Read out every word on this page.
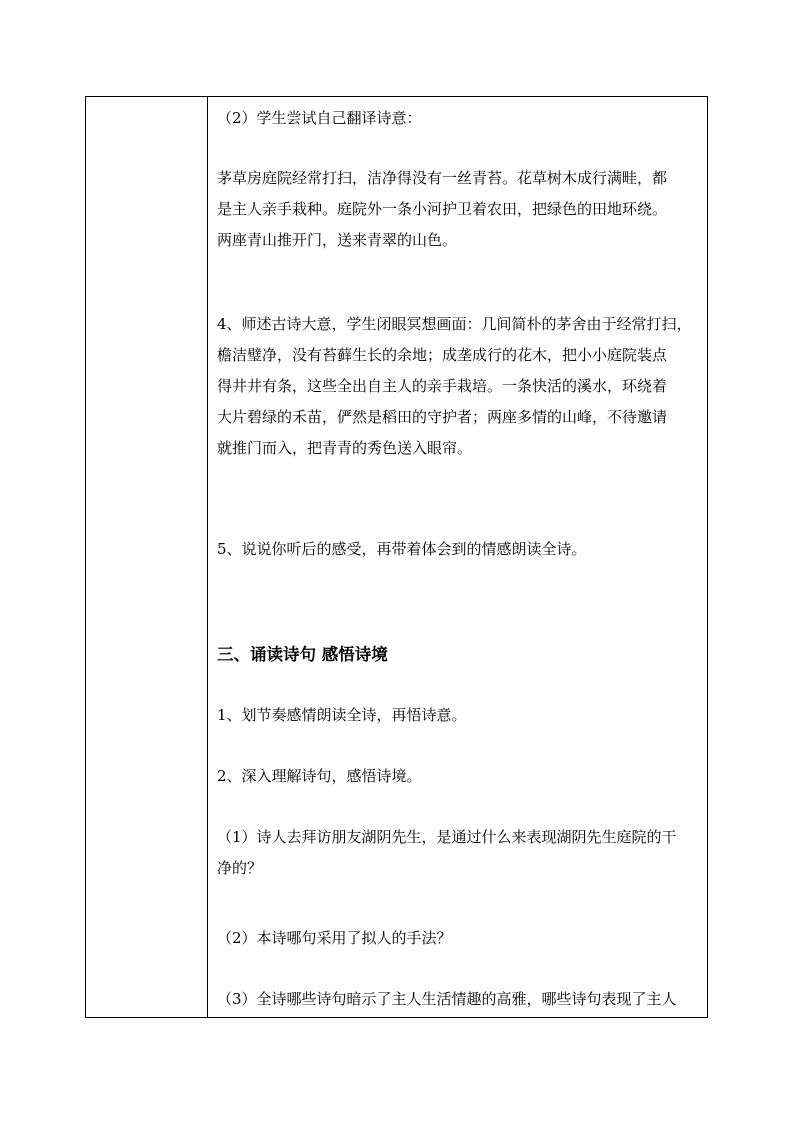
（2）学生尝试自己翻译诗意：
茅草房庭院经常打扫，洁净得没有一丝青苔。花草树木成行满畦，都
是主人亲手栽种。庭院外一条小河护卫着农田，把绿色的田地环绕。
两座青山推开门，送来青翠的山色。
4、师述古诗大意，学生闭眼冥想画面：几间简朴的茅舍由于经常打扫，
檐洁璧净，没有苔藓生长的余地；成垄成行的花木，把小小庭院装点
得井井有条，这些全出自主人的亲手栽培。一条快活的溪水，环绕着
大片碧绿的禾苗，俨然是稻田的守护者；两座多情的山峰，不待邀请
就推门而入，把青青的秀色送入眼帘。
5、说说你听后的感受，再带着体会到的情感朗读全诗。
三、诵读诗句 感悟诗境
1、划节奏感情朗读全诗，再悟诗意。
2、深入理解诗句，感悟诗境。
（1）诗人去拜访朋友湖阴先生，是通过什么来表现湖阴先生庭院的干
净的？
（2）本诗哪句采用了拟人的手法？
（3）全诗哪些诗句暗示了主人生活情趣的高雅，哪些诗句表现了主人
